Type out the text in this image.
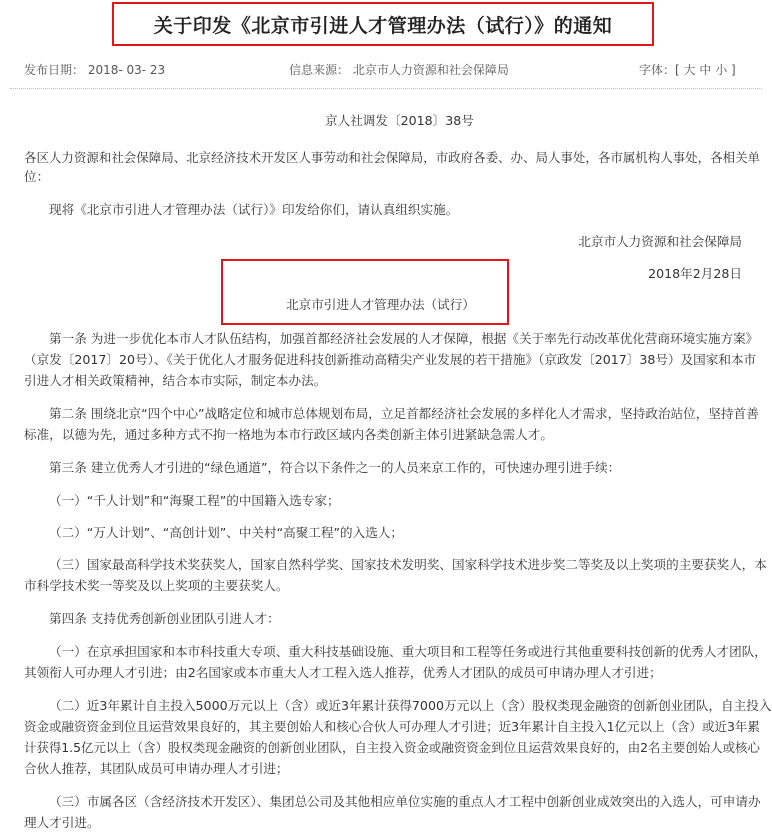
关于印发《北京市引进人才管理办法（试行）》的通知
发布日期： 2018- 03- 23	信息来源： 北京市人力资源和社会保障局	字体：[ 大 中 小 ]
京人社调发〔2018〕38号
各区人力资源和社会保障局、北京经济技术开发区人事劳动和社会保障局，市政府各委、办、局人事处，各市属机构人事处，各相关单
位：
现将《北京市引进人才管理办法（试行）》印发给你们，请认真组织实施。
北京市人力资源和社会保障局
2018年2月28日
北京市引进人才管理办法（试行）
第一条 为进一步优化本市人才队伍结构，加强首都经济社会发展的人才保障，根据《关于率先行动改革优化营商环境实施方案》
（京发〔2017〕20号）、《关于优化人才服务促进科技创新推动高精尖产业发展的若干措施》（京政发〔2017〕38号）及国家和本市
引进人才相关政策精神，结合本市实际，制定本办法。
第二条 围绕北京“四个中心”战略定位和城市总体规划布局，立足首都经济社会发展的多样化人才需求，坚持政治站位，坚持首善
标准，以德为先，通过多种方式不拘一格地为本市行政区域内各类创新主体引进紧缺急需人才。
第三条 建立优秀人才引进的“绿色通道”，符合以下条件之一的人员来京工作的，可快速办理引进手续：
（一）“千人计划”和“海聚工程”的中国籍入选专家；
（二）“万人计划”、“高创计划”、中关村“高聚工程”的入选人；
（三）国家最高科学技术奖获奖人，国家自然科学奖、国家技术发明奖、国家科学技术进步奖二等奖及以上奖项的主要获奖人，本
市科学技术奖一等奖及以上奖项的主要获奖人。
第四条 支持优秀创新创业团队引进人才：
（一）在京承担国家和本市科技重大专项、重大科技基础设施、重大项目和工程等任务或进行其他重要科技创新的优秀人才团队，
其领衔人可办理人才引进；由2名国家或本市重大人才工程入选人推荐，优秀人才团队的成员可申请办理人才引进；
（二）近3年累计自主投入5000万元以上（含）或近3年累计获得7000万元以上（含）股权类现金融资的创新创业团队，自主投入
资金或融资资金到位且运营效果良好的，其主要创始人和核心合伙人可办理人才引进；近3年累计自主投入1亿元以上（含）或近3年累
计获得1.5亿元以上（含）股权类现金融资的创新创业团队，自主投入资金或融资资金到位且运营效果良好的，由2名主要创始人或核心
合伙人推荐，其团队成员可申请办理人才引进；
（三）市属各区（含经济技术开发区）、集团总公司及其他相应单位实施的重点人才工程中创新创业成效突出的入选人，可申请办
理人才引进。
